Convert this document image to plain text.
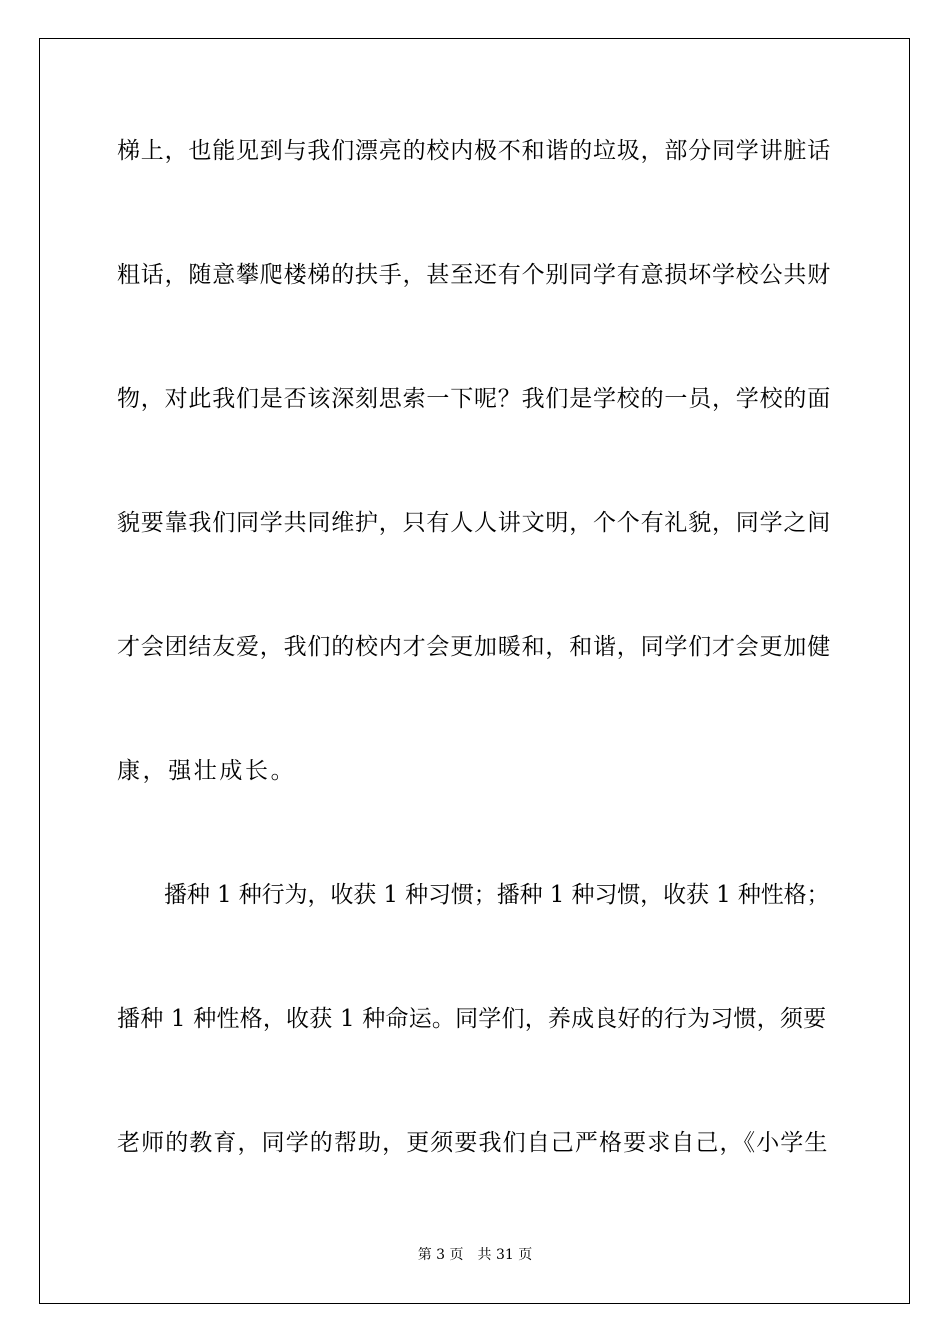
梯上，也能见到与我们漂亮的校内极不和谐的垃圾，部分同学讲脏话
粗话，随意攀爬楼梯的扶手，甚至还有个别同学有意损坏学校公共财
物，对此我们是否该深刻思索一下呢？我们是学校的一员，学校的面
貌要靠我们同学共同维护，只有人人讲文明，个个有礼貌，同学之间
才会团结友爱，我们的校内才会更加暖和，和谐，同学们才会更加健
康，强壮成长。
播种 1 种行为，收获 1 种习惯；播种 1 种习惯，收获 1 种性格；
播种 1 种性格，收获 1 种命运。同学们，养成良好的行为习惯，须要
老师的教育，同学的帮助，更须要我们自己严格要求自己，《小学生
第 3 页 共 31 页
